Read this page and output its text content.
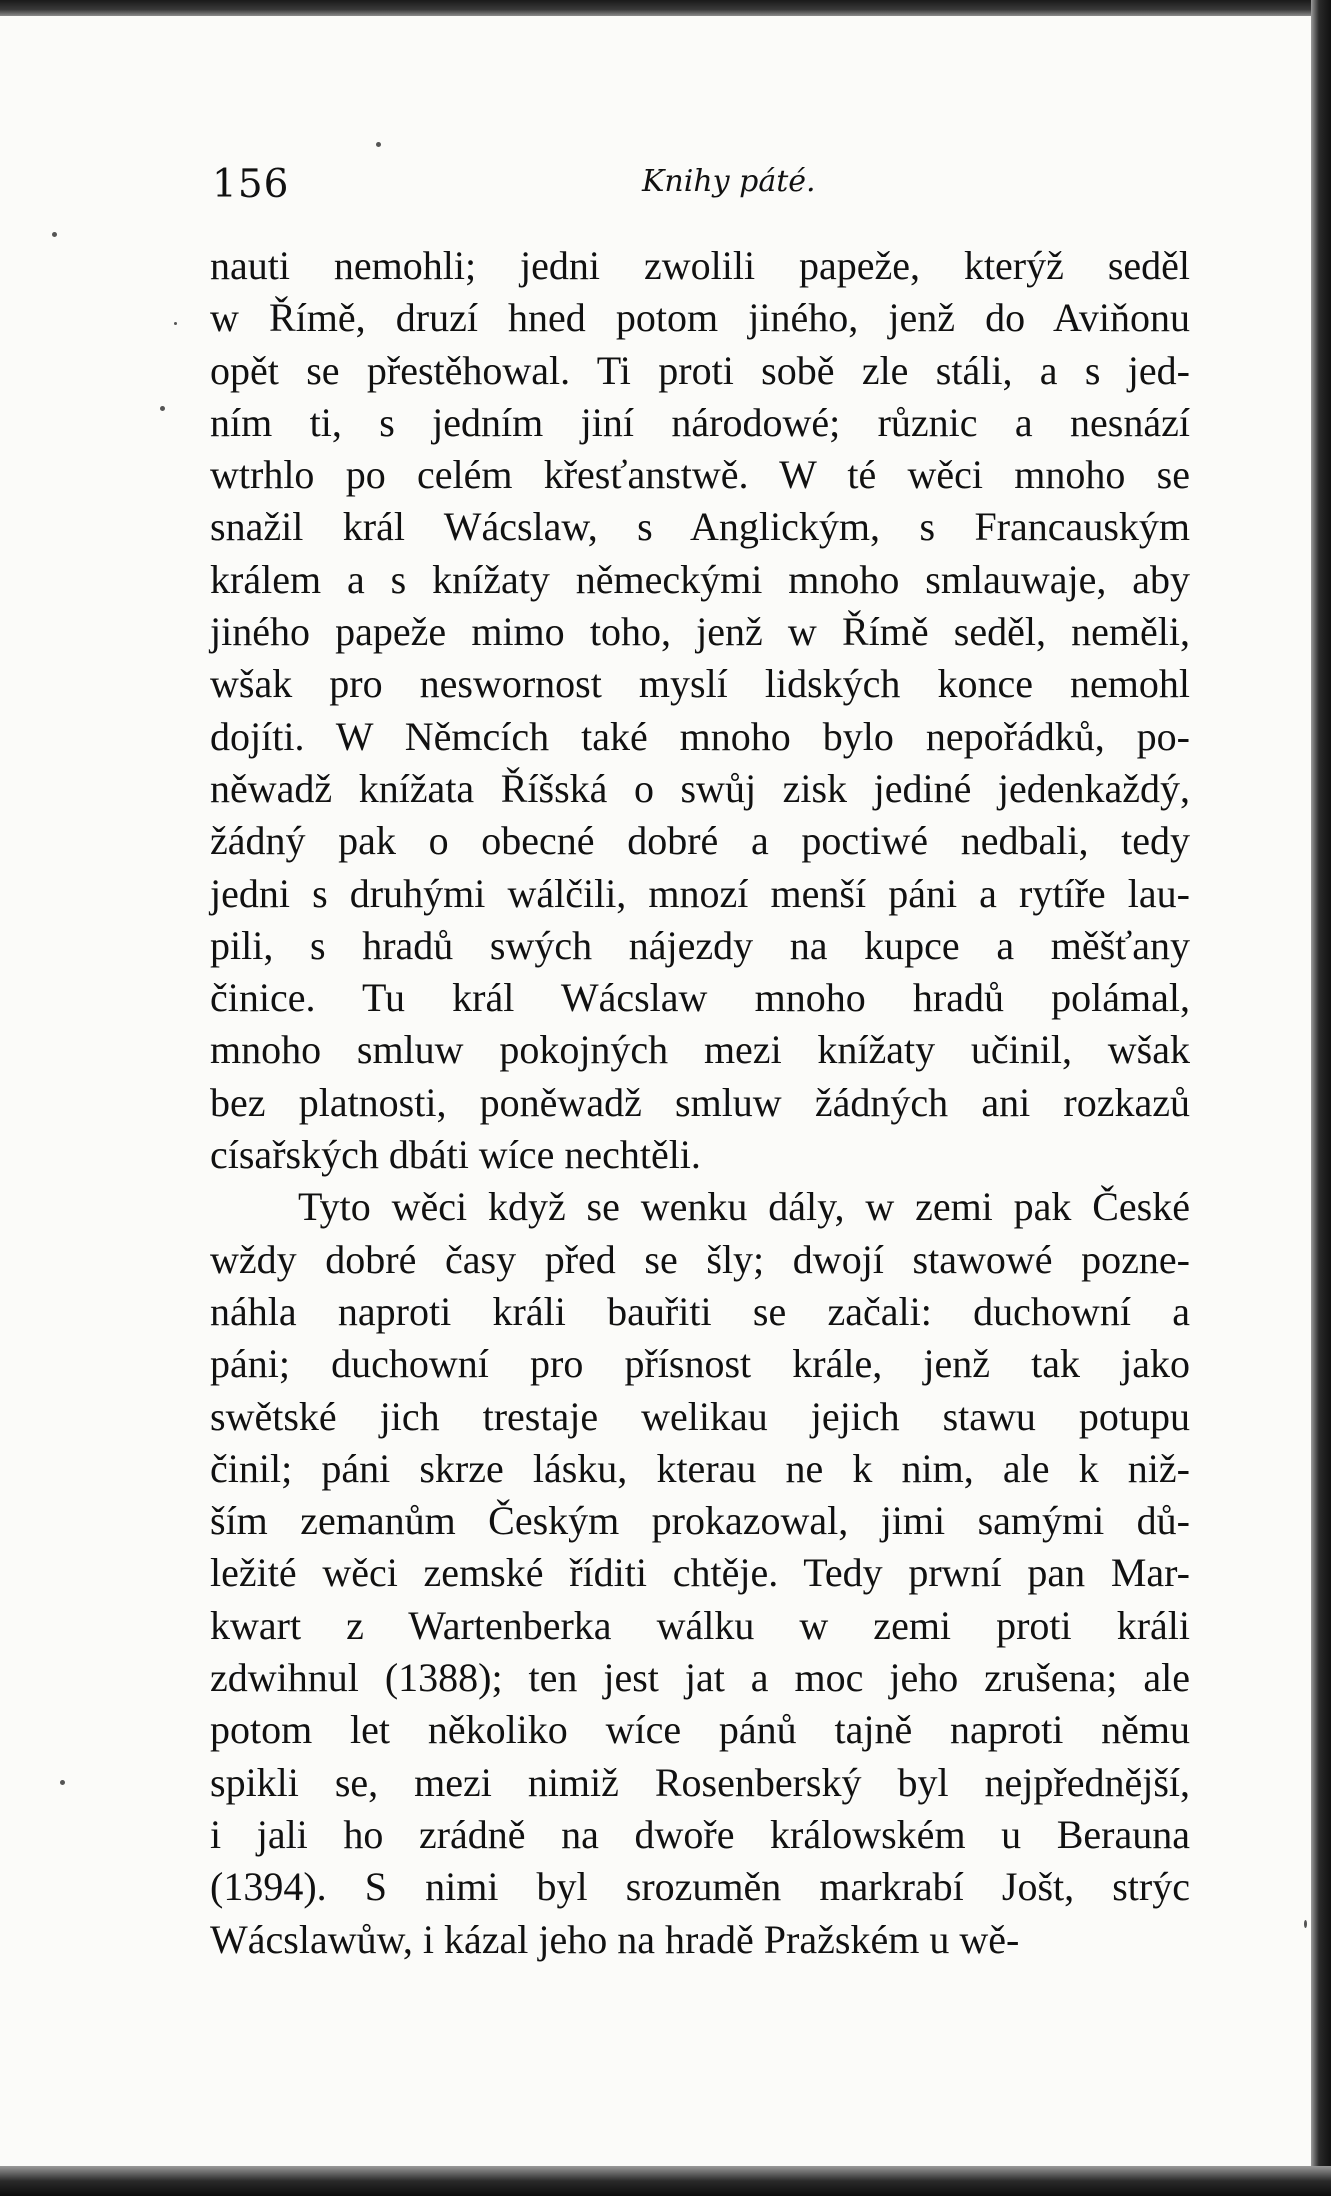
156	Knihy páté.
nauti nemohli; jedni zwolili papeže, kterýž seděl
w Římě, druzí hned potom jiného, jenž do Aviňonu
opět se přestěhowal. Ti proti sobě zle stáli, a s jed-
ním ti, s jedním jiní národowé; různic a nesnází
wtrhlo po celém křesťanstwě. W té wěci mnoho se
snažil král Wácslaw, s Anglickým, s Francauským
králem a s knížaty německými mnoho smlauwaje, aby
jiného papeže mimo toho, jenž w Římě seděl, neměli,
wšak pro neswornost myslí lidských konce nemohl
dojíti. W Němcích také mnoho bylo nepořádků, po-
něwadž knížata Říšská o swůj zisk jediné jedenkaždý,
žádný pak o obecné dobré a poctiwé nedbali, tedy
jedni s druhými wálčili, mnozí menší páni a rytíře lau-
pili, s hradů swých nájezdy na kupce a měšťany
činice. Tu král Wácslaw mnoho hradů polámal,
mnoho smluw pokojných mezi knížaty učinil, wšak
bez platnosti, poněwadž smluw žádných ani rozkazů
císařských dbáti wíce nechtěli.
Tyto wěci když se wenku dály, w zemi pak České
wždy dobré časy před se šly; dwojí stawowé pozne-
náhla naproti králi bauřiti se začali: duchowní a
páni; duchowní pro přísnost krále, jenž tak jako
swětské jich trestaje welikau jejich stawu potupu
činil; páni skrze lásku, kterau ne k nim, ale k niž-
ším zemanům Českým prokazowal, jimi samými dů-
ležité wěci zemské říditi chtěje. Tedy prwní pan Mar-
kwart z Wartenberka wálku w zemi proti králi
zdwihnul (1388); ten jest jat a moc jeho zrušena; ale
potom let několiko wíce pánů tajně naproti němu
spikli se, mezi nimiž Rosenberský byl nejpřednější,
i jali ho zrádně na dwoře králowském u Berauna
(1394). S nimi byl srozuměn markrabí Jošt, strýc
Wácslawůw, i kázal jeho na hradě Pražském u wě-
